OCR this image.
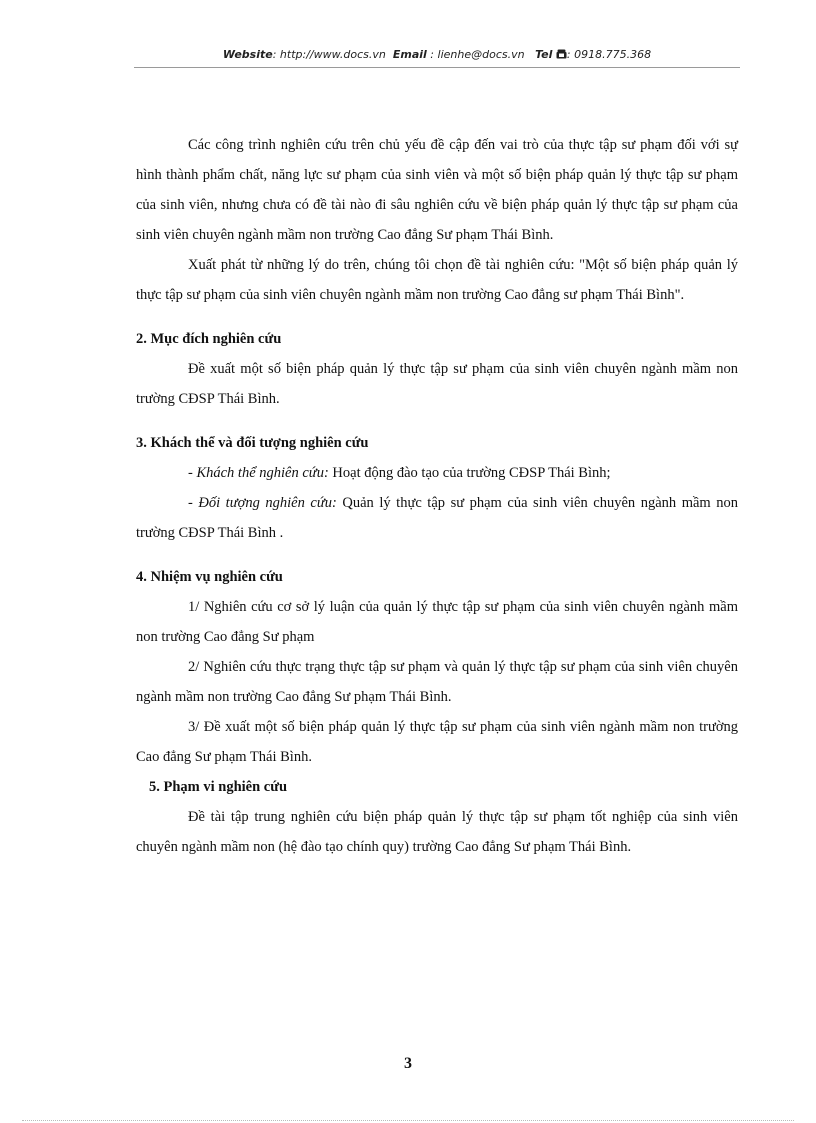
Website: http://www.docs.vn Email : lienhe@docs.vn Tel : 0918.775.368

Các công trình nghiên cứu trên chủ yếu đề cập đến vai trò của thực tập sư phạm đối với sự hình thành phẩm chất, năng lực sư phạm của sinh viên và một số biện pháp quản lý thực tập sư phạm của sinh viên, nhưng chưa có đề tài nào đi sâu nghiên cứu về biện pháp quản lý thực tập sư phạm của sinh viên chuyên ngành mầm non trường Cao đẳng Sư phạm Thái Bình.

Xuất phát từ những lý do trên, chúng tôi chọn đề tài nghiên cứu: "Một số biện pháp quản lý thực tập sư phạm của sinh viên chuyên ngành mầm non trường Cao đẳng sư phạm Thái Bình".

2. Mục đích nghiên cứu

Đề xuất một số biện pháp quản lý thực tập sư phạm của sinh viên chuyên ngành mầm non trường CĐSP Thái Bình.

3. Khách thể và đối tượng nghiên cứu

- Khách thể nghiên cứu: Hoạt động đào tạo của trường CĐSP Thái Bình;

- Đối tượng nghiên cứu: Quản lý thực tập sư phạm của sinh viên chuyên ngành mầm non trường CĐSP Thái Bình .

4. Nhiệm vụ nghiên cứu

1/ Nghiên cứu cơ sở lý luận của quản lý thực tập sư phạm của sinh viên chuyên ngành mầm non trường Cao đẳng Sư phạm

2/ Nghiên cứu thực trạng thực tập sư phạm và quản lý thực tập sư phạm của sinh viên chuyên ngành mầm non trường Cao đẳng Sư phạm Thái Bình.

3/ Đề xuất một số biện pháp quản lý thực tập sư phạm của sinh viên ngành mầm non trường Cao đẳng Sư phạm Thái Bình.

5. Phạm vi nghiên cứu

Đề tài tập trung nghiên cứu biện pháp quản lý thực tập sư phạm tốt nghiệp của sinh viên chuyên ngành mầm non (hệ đào tạo chính quy) trường Cao đẳng Sư phạm Thái Bình.

3
